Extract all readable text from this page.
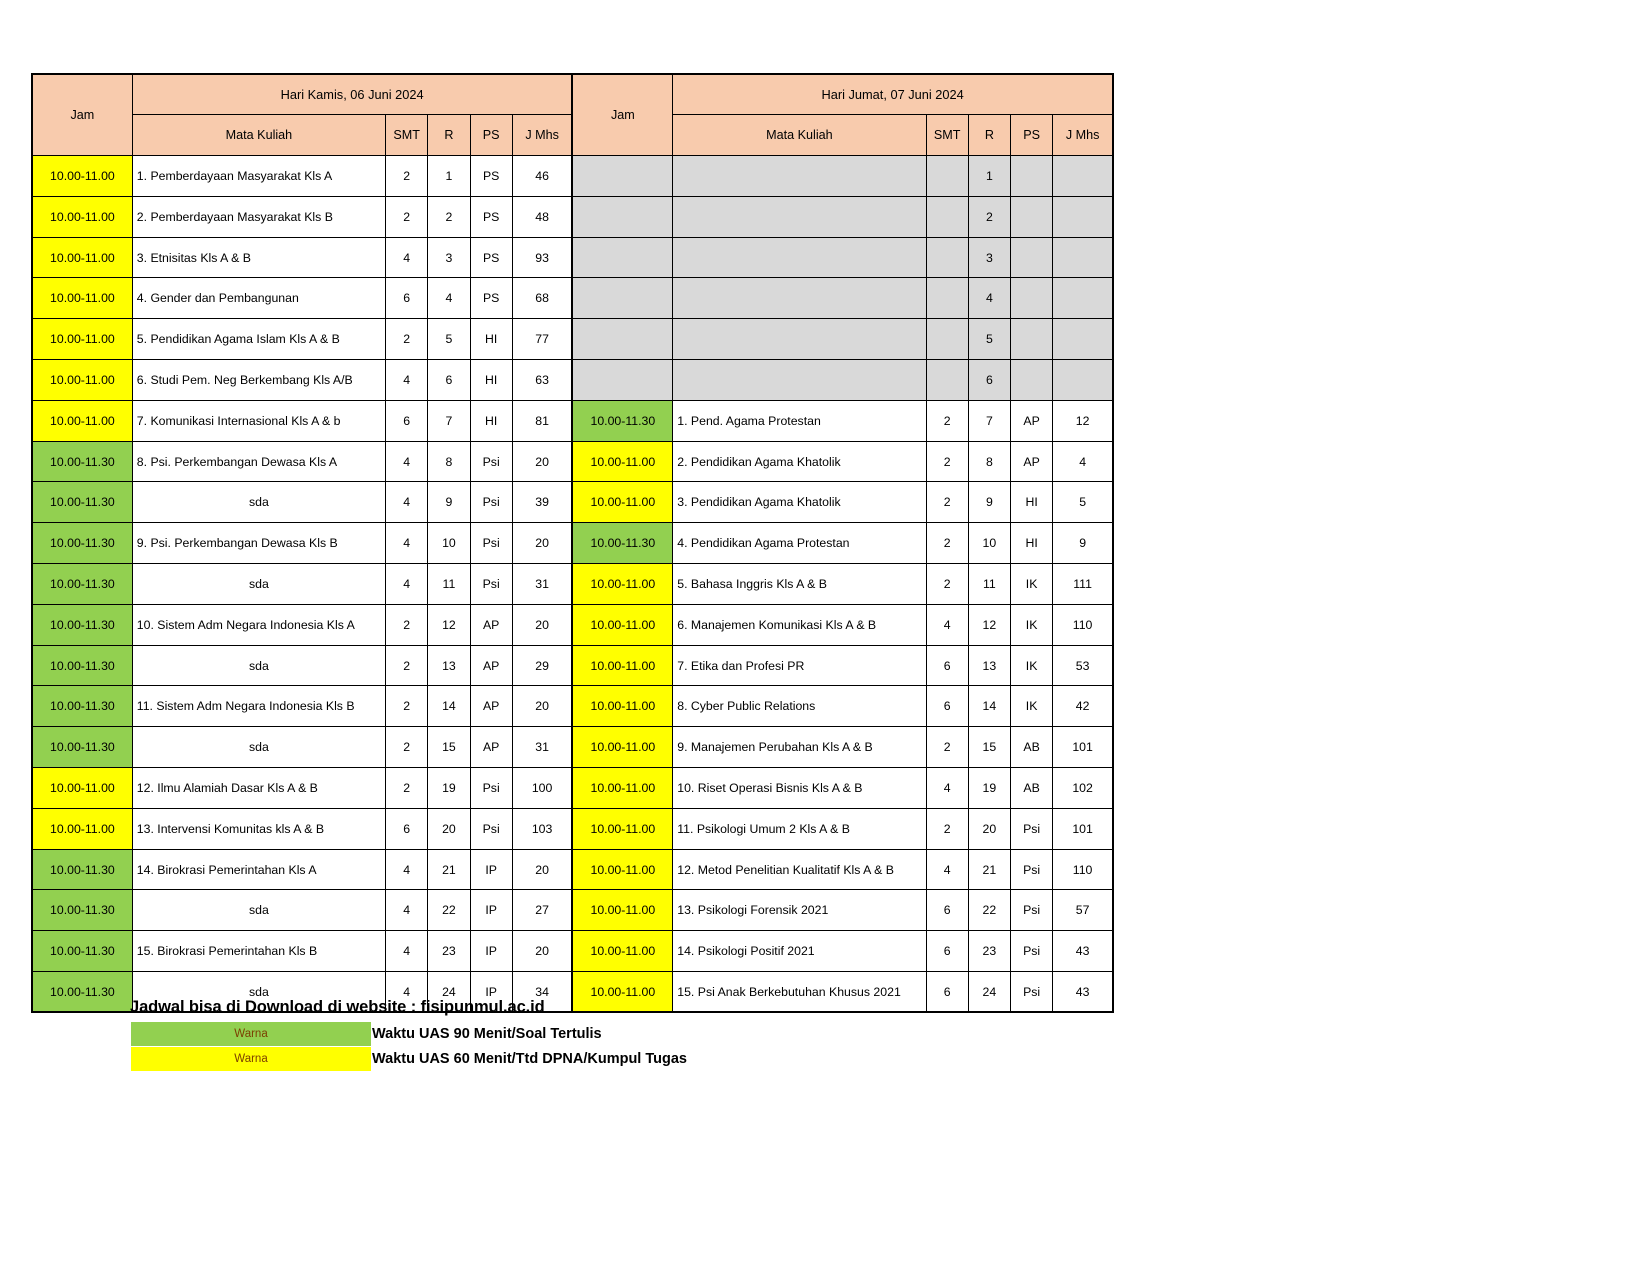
Jam	Hari Kamis, 06 Juni 2024					Jam	Hari Jumat, 07 Juni 2024				
	Mata Kuliah	SMT	R	PS	J Mhs		Mata Kuliah	SMT	R	PS	J Mhs
10.00-11.00	1. Pemberdayaan Masyarakat Kls A	2	1	PS	46				1		
10.00-11.00	2. Pemberdayaan Masyarakat Kls B	2	2	PS	48				2		
10.00-11.00	3. Etnisitas Kls A & B	4	3	PS	93				3		
10.00-11.00	4. Gender dan Pembangunan	6	4	PS	68				4		
10.00-11.00	5. Pendidikan Agama Islam Kls A & B	2	5	HI	77				5		
10.00-11.00	6. Studi Pem. Neg Berkembang Kls A/B	4	6	HI	63				6		
10.00-11.00	7. Komunikasi Internasional Kls A & b	6	7	HI	81	10.00-11.30	1. Pend. Agama Protestan	2	7	AP	12
10.00-11.30	8. Psi. Perkembangan Dewasa Kls A	4	8	Psi	20	10.00-11.00	2. Pendidikan Agama Khatolik	2	8	AP	4
10.00-11.30	sda	4	9	Psi	39	10.00-11.00	3. Pendidikan Agama Khatolik	2	9	HI	5
10.00-11.30	9. Psi. Perkembangan Dewasa Kls B	4	10	Psi	20	10.00-11.30	4. Pendidikan Agama Protestan	2	10	HI	9
10.00-11.30	sda	4	11	Psi	31	10.00-11.00	5. Bahasa Inggris Kls A & B	2	11	IK	111
10.00-11.30	10. Sistem Adm Negara Indonesia Kls A	2	12	AP	20	10.00-11.00	6. Manajemen Komunikasi Kls A & B	4	12	IK	110
10.00-11.30	sda	2	13	AP	29	10.00-11.00	7. Etika dan Profesi PR	6	13	IK	53
10.00-11.30	11. Sistem Adm Negara Indonesia Kls B	2	14	AP	20	10.00-11.00	8. Cyber Public Relations	6	14	IK	42
10.00-11.30	sda	2	15	AP	31	10.00-11.00	9. Manajemen Perubahan Kls A & B	2	15	AB	101
10.00-11.00	12. Ilmu Alamiah Dasar Kls A & B	2	19	Psi	100	10.00-11.00	10. Riset Operasi Bisnis Kls A & B	4	19	AB	102
10.00-11.00	13. Intervensi Komunitas kls A & B	6	20	Psi	103	10.00-11.00	11. Psikologi Umum 2 Kls A & B	2	20	Psi	101
10.00-11.30	14. Birokrasi Pemerintahan Kls A	4	21	IP	20	10.00-11.00	12. Metod Penelitian Kualitatif Kls A & B	4	21	Psi	110
10.00-11.30	sda	4	22	IP	27	10.00-11.00	13. Psikologi Forensik 2021	6	22	Psi	57
10.00-11.30	15. Birokrasi Pemerintahan Kls B	4	23	IP	20	10.00-11.00	14. Psikologi Positif 2021	6	23	Psi	43
10.00-11.30	sda	4	24	IP	34	10.00-11.00	15. Psi Anak Berkebutuhan Khusus 2021	6	24	Psi	43
Jadwal bisa di Download di website : fisipunmul.ac.id
Warna	Waktu UAS 90 Menit/Soal Tertulis
Warna	Waktu UAS 60 Menit/Ttd DPNA/Kumpul Tugas
